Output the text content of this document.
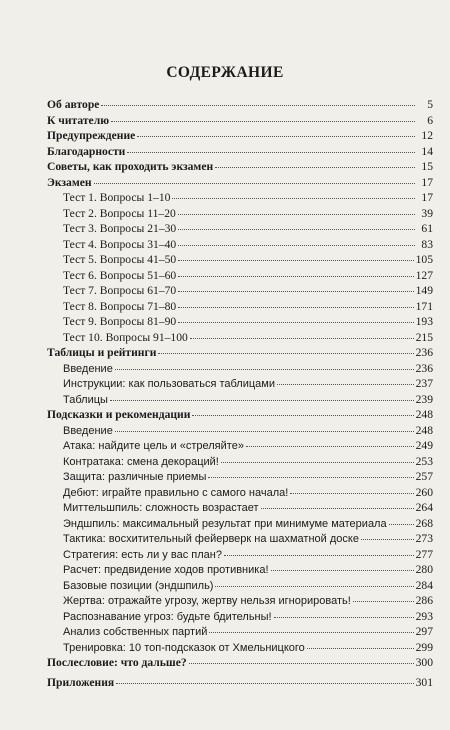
СОДЕРЖАНИЕ
Об авторе	5
К читателю	6
Предупреждение	12
Благодарности	14
Советы, как проходить экзамен	15
Экзамен	17
Тест 1. Вопросы 1–10	17
Тест 2. Вопросы 11–20	39
Тест 3. Вопросы 21–30	61
Тест 4. Вопросы 31–40	83
Тест 5. Вопросы 41–50	105
Тест 6. Вопросы 51–60	127
Тест 7. Вопросы 61–70	149
Тест 8. Вопросы 71–80	171
Тест 9. Вопросы 81–90	193
Тест 10. Вопросы 91–100	215
Таблицы и рейтинги	236
Введение	236
Инструкции: как пользоваться таблицами	237
Таблицы	239
Подсказки и рекомендации	248
Введение	248
Атака: найдите цель и «стреляйте»	249
Контратака: смена декораций!	253
Защита: различные приемы	257
Дебют: играйте правильно с самого начала!	260
Миттельшпиль: сложность возрастает	264
Эндшпиль: максимальный результат при минимуме материала	268
Тактика: восхитительный фейерверк на шахматной доске	273
Стратегия: есть ли у вас план?	277
Расчет: предвидение ходов противника!	280
Базовые позиции (эндшпиль)	284
Жертва: отражайте угрозу, жертву нельзя игнорировать!	286
Распознавание угроз: будьте бдительны!	293
Анализ собственных партий	297
Тренировка: 10 топ-подсказок от Хмельницкого	299
Послесловие: что дальше?	300
Приложения	301
